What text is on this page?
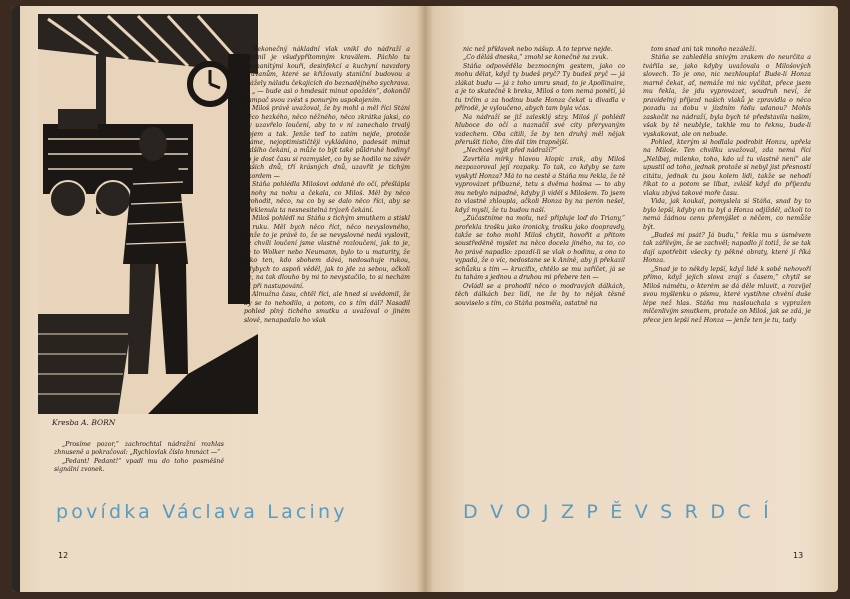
Kresba A. BORN

„Prosíme pozor,“ zachrochtal nádražní rozhlas zhnuseně a pokračoval: „Rychlovlak číslo hmnáct —“

„Pedant! Pedant!“ vpadl mu do toho posměšně signální zvonek.

Nekonečný nákladní vlak vnikl do nádraží a naplnil je všudypřítomným kravälem. Páchlo tu rozmanitými kouři, desinfekcí a kuchyní navzdory průvanům, které se křižovaly staniční budovou a srážely náladu čekajících do beznadějného sychrava.

„ — bude asi o hmdesát minut opoždén“, dokončil ilampač svou zvěst s ponurým uspokojením.

Miloš právě uvažoval, že by mohl a měl říci Stáni něco hezkého, něco něžného, něco zkrátka jaksi, co by uzavřelo loučení, aby to v ní zanechalo trvalý dojem a tak. Jenže teď to zatím nejde, protože máme, nejoptimističtěji vykládáno, padesát minut dalšího čekání, a může to být také půldruhé hodiny! To je dost času si rozmyslet, co by se hodilo na závěr našich dnů, tří krásných dnů, uzavřít je tichým akordem —

Stáňa pohlédla Milošovi oddaně do očí, přešlápla z nohy na nohu a čekala, co Miloš. Měl by něco prohodit, něco, na co by se dalo něco říci, aby se překlenula ta nesnesitelná trýzeň čekání.

Miloš pohlédl na Stáňu s tichým smutkem a stiskl jí ruku. Měl bych něco říct, něco nevyslovného, jenže to je právě to, že se nevyslovné nedá vyslovit, ve chvíli loučení jsme vlastně rozloučeni, jak to je, že to Wolker nebo Neumann, bylo to u maturity, že jako ten, kdo sbohem dává, nedosahuje rukou, kdybych to aspoň věděl, jak to jde za sebou, ačkoli ne, na tak dlouho by mi to nevystačilo, to si nechám až při nastupování.

Almužna času, chtěl říci, ale hned si uvědomil, že by se to nehodilo, a potom, co s tím dál? Nasadil pohled plný tichého smutku a uvažoval o jiném slově, nenapadalo ho však

povídka Václava Laciny
12

nic než přídavek nebo nášup. A to teprve nejde.

„Co děláš dneska,“ zmohl se konečně na zvuk.

Stáňa odpověděla bezmocným gestem, jako co mohu dělat, když ty budeš pryč? Ty budeš pryč — já zlákat budu — já z toho umru snad, to je Apollinaire, a je to skutečně k breku, Miloš o tom nemá ponětí, já tu trčím a za hodinu bude Honza čekat u divadla v přírodě, je vyloučeno, abych tam byla včas.

Na nádraží se již zalesklý stzy. Miloš jí pohlédl hluboce do očí a naznačil své city přeryvaným vzdechem. Oba cítili, že by ten druhý měl nějak přerušit ticho, čím dál tím trapnější.

„Nechceš vyjít před nádraží?“

Zavrtěla mírky hlavou klopíc zrak, aby Miloš nezpozoroval její rozpaky. To tak, co kdyby se tam vyskytl Honza? Má to na cestě a Stáňa mu řekla, že tě vyprovázet příbuzné, tetu s dvěma hošma — to aby mu nebylo nápadné, kdyby ji viděl s Milošem. To jsem to vlastně zhloupla, ačkoli Honza by na perón nešel, když myslí, že tu budou naší.

„Zúčastníme na molu, než připluje loď do Triany,“ prořekla trošku jako ironicky, trošku jako doopravdy, takže se toho mohl Miloš chytit, hovořit a přitom soustředěně myslet na něco docela jiného, na to, co ho právě napadlo: zpozdí-li se vlak o hodinu, a ono to vypadá, že o víc, nedostane se k Aníně, aby ji překazil schůzku s tím — kruciťix, chtělo se mu zaříčet, já se tu tahám s jednou a druhou mi přebere ten —

Ovládl se a prohodil něco o modravých dálkách, těch dálkách bez lidí, ne že by to nějak těsně souviselo s tím, co Stáňa posměla, ostatně na

tom snad ani tak mnoho nezáleží.

Stáňa se zahleděla snivým zrakem do neurčita a tvářila se, jako kdyby uvažovala o Milošových slovech. To je ono, nic nezhloupla! Bude-li Honza marně čekat, ať, nemáže mi nic vyčítat, přece jsem mu řekla, že jdu vyprovázet, soudruh neví, že pravidelný příjezd našich vlaků je zpravidla o něco pozadu za dobu v jízdním řádu udanou? Mohls zaskočit na nádraží, byla bych tě představila našim, však by tě neublyle, takhle mu to řeknu, bude-li vyskakovat, ale on nebude.

Pohled, kterým si hodlala podrobit Honzu, upřela na Miloše. Ten chvilku uvažoval, zda nemá říci „Nelíbej, milenko, toho, kdo už tu vlastně není“ ale upustil od toho, jednak protože si nebyl jist přesností citátu, jednak tu jsou kolem lidi, takže se nehodí říkat to a potom se líbat, zvlášť když do příjezdu vlaku zbývá takové moře času.

Vida, jak koukal, pomyslela si Stáňa, snad by to bylo lepší, kdyby on tu byl a Honza odjížděl, ačkoli to nemá žádnou cenu přemýšlet o něčem, co nemůže být.

„Budeš mi psát? Já budu,“ řekla mu s úsměvem tak záříivým, že se zachvěl; napadlo jí totiž, že se tak dají upotřebit všecky ty pěkné obraty, které jí říká Honza.

„Snad je to někdy lepší, když lidé k sobě nehovoří přímo, když jejich slova zrají s časem,“ chytil se Miloš námětu, o kterém se dá děle mluvit, a rozvíjel svou myšlenku o písmu, které vystihne chvění duše lépe než hlas. Stáňa mu naslouchala s vypražen mlčenlivým smutkem, protože on Miloš, jak se zdá, je přece jen lepší než Honza — jenže ten je tu, tady

D V O J Z P Ě V S R D C Í
13
